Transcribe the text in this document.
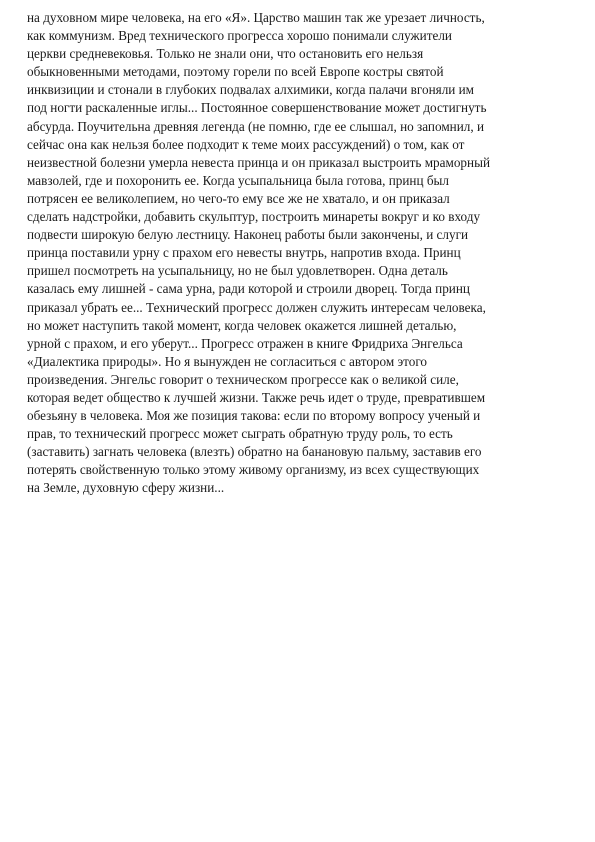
на духовном мире человека, на его «Я». Царство машин так же урезает личность,
как коммунизм. Вред технического прогресса хорошо понимали служители
церкви средневековья. Только не знали они, что остановить его нельзя
обыкновенными методами, поэтому горели по всей Европе костры святой
инквизиции и стонали в глубоких подвалах алхимики, когда палачи вгоняли им
под ногти раскаленные иглы... Постоянное совершенствование может достигнуть
абсурда. Поучительна древняя легенда (не помню, где ее слышал, но запомнил, и
сейчас она как нельзя более подходит к теме моих рассуждений) о том, как от
неизвестной болезни умерла невеста принца и он приказал выстроить мраморный
мавзолей, где и похоронить ее. Когда усыпальница была готова, принц был
потрясен ее великолепием, но чего-то ему все же не хватало, и он приказал
сделать надстройки, добавить скульптур, построить минареты вокруг и ко входу
подвести широкую белую лестницу. Наконец работы были закончены, и слуги
принца поставили урну с прахом его невесты внутрь, напротив входа. Принц
пришел посмотреть на усыпальницу, но не был удовлетворен. Одна деталь
казалась ему лишней - сама урна, ради которой и строили дворец. Тогда принц
приказал убрать ее... Технический прогресс должен служить интересам человека,
но может наступить такой момент, когда человек окажется лишней деталью,
урной с прахом, и его уберут... Прогресс отражен в книге Фридриха Энгельса
«Диалектика природы». Но я вынужден не согласиться с автором этого
произведения. Энгельс говорит о техническом прогрессе как о великой силе,
которая ведет общество к лучшей жизни. Также речь идет о труде, превратившем
обезьяну в человека. Моя же позиция такова: если по второму вопросу ученый и
прав, то технический прогресс может сыграть обратную труду роль, то есть
(заставить) загнать человека (влезть) обратно на банановую пальму, заставив его
потерять свойственную только этому живому организму, из всех существующих
на Земле, духовную сферу жизни...
